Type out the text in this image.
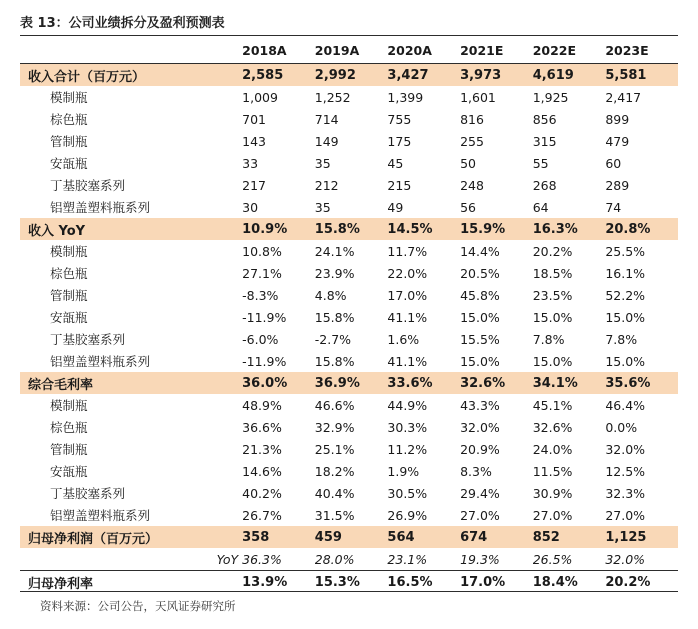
表 13：公司业绩拆分及盈利预测表
	2018A	2019A	2020A	2021E	2022E	2023E
收入合计（百万元）	2,585	2,992	3,427	3,973	4,619	5,581
模制瓶	1,009	1,252	1,399	1,601	1,925	2,417
棕色瓶	701	714	755	816	856	899
管制瓶	143	149	175	255	315	479
安瓿瓶	33	35	45	50	55	60
丁基胶塞系列	217	212	215	248	268	289
铝塑盖塑料瓶系列	30	35	49	56	64	74
收入 YoY	10.9%	15.8%	14.5%	15.9%	16.3%	20.8%
模制瓶	10.8%	24.1%	11.7%	14.4%	20.2%	25.5%
棕色瓶	27.1%	23.9%	22.0%	20.5%	18.5%	16.1%
管制瓶	-8.3%	4.8%	17.0%	45.8%	23.5%	52.2%
安瓿瓶	-11.9%	15.8%	41.1%	15.0%	15.0%	15.0%
丁基胶塞系列	-6.0%	-2.7%	1.6%	15.5%	7.8%	7.8%
铝塑盖塑料瓶系列	-11.9%	15.8%	41.1%	15.0%	15.0%	15.0%
综合毛利率	36.0%	36.9%	33.6%	32.6%	34.1%	35.6%
模制瓶	48.9%	46.6%	44.9%	43.3%	45.1%	46.4%
棕色瓶	36.6%	32.9%	30.3%	32.0%	32.6%	0.0%
管制瓶	21.3%	25.1%	11.2%	20.9%	24.0%	32.0%
安瓿瓶	14.6%	18.2%	1.9%	8.3%	11.5%	12.5%
丁基胶塞系列	40.2%	40.4%	30.5%	29.4%	30.9%	32.3%
铝塑盖塑料瓶系列	26.7%	31.5%	26.9%	27.0%	27.0%	27.0%
归母净利润（百万元）	358	459	564	674	852	1,125
YoY	36.3%	28.0%	23.1%	19.3%	26.5%	32.0%
归母净利率	13.9%	15.3%	16.5%	17.0%	18.4%	20.2%
资料来源：公司公告，天风证券研究所
